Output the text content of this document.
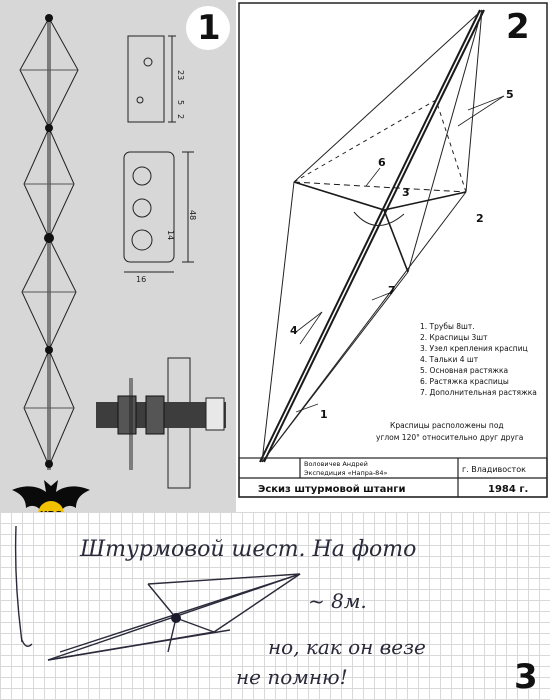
23
5
2
48
14
16
1
5
6
3
2
7
4
1
1. Трубы 8шт.
2. Краспицы 3шт
3. Узел крепления краспиц
4. Тальки 4 шт
5. Основная растяжка
6. Растяжка краспицы
7. Дополнительная растяжка
Краспицы расположены под
углом 120° относительно друг друга
Воловичев Андрей
Экспедиция «Напра-84»	г. Владивосток
Эскиз штурмовой штанги	1984 г.
2
Штурмовой шест. На фото
~ 8м.
но, как он везе
не помню!	3
